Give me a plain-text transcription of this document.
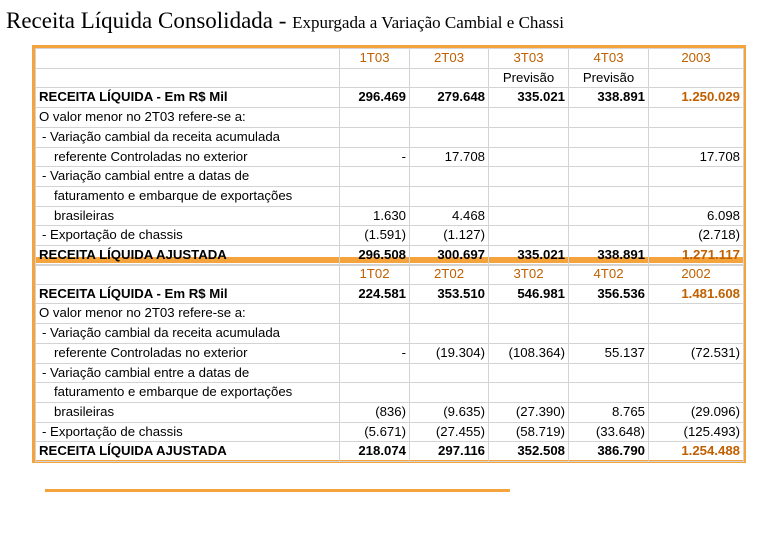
Receita Líquida Consolidada - Expurgada a Variação Cambial e Chassi
	1T03	2T03	3T03	4T03	2003
			Previsão	Previsão	
RECEITA LÍQUIDA - Em R$ Mil	296.469	279.648	335.021	338.891	1.250.029
O valor menor no 2T03 refere-se a:					
- Variação cambial da receita acumulada					
referente Controladas no exterior	-	17.708			17.708
- Variação cambial entre a datas de					
faturamento e embarque de exportações					
brasileiras	1.630	4.468			6.098
- Exportação de chassis	(1.591)	(1.127)			(2.718)
RECEITA LÍQUIDA AJUSTADA	296.508	300.697	335.021	338.891	1.271.117
	1T02	2T02	3T02	4T02	2002
RECEITA LÍQUIDA - Em R$ Mil	224.581	353.510	546.981	356.536	1.481.608
O valor menor no 2T03 refere-se a:					
- Variação cambial da receita acumulada					
referente Controladas no exterior	-	(19.304)	(108.364)	55.137	(72.531)
- Variação cambial entre a datas de					
faturamento e embarque de exportações					
brasileiras	(836)	(9.635)	(27.390)	8.765	(29.096)
- Exportação de chassis	(5.671)	(27.455)	(58.719)	(33.648)	(125.493)
RECEITA LÍQUIDA AJUSTADA	218.074	297.116	352.508	386.790	1.254.488
